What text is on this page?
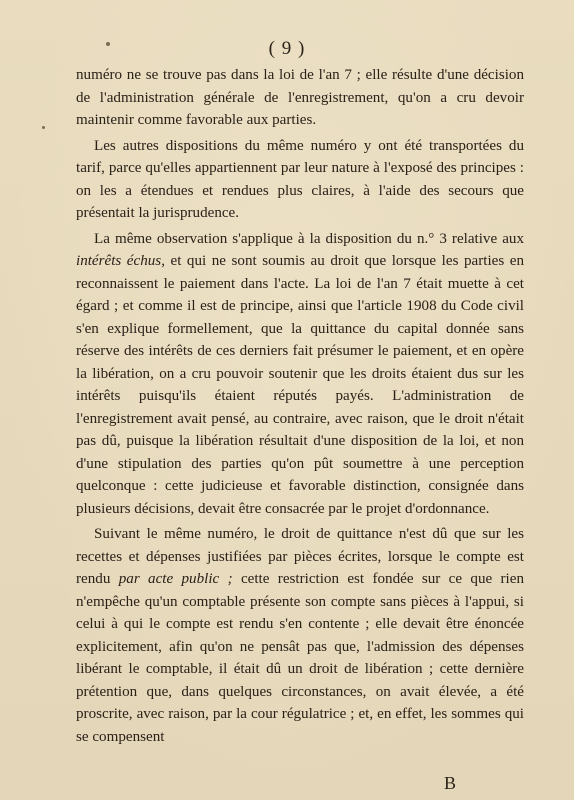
( 9 )

numéro ne se trouve pas dans la loi de l'an 7 ; elle résulte d'une décision de l'administration générale de l'enregistrement, qu'on a cru devoir maintenir comme favorable aux parties.

Les autres dispositions du même numéro y ont été transportées du tarif, parce qu'elles appartiennent par leur nature à l'exposé des principes : on les a étendues et rendues plus claires, à l'aide des secours que présentait la jurisprudence.

La même observation s'applique à la disposition du n.° 3 relative aux intérêts échus, et qui ne sont soumis au droit que lorsque les parties en reconnaissent le paiement dans l'acte. La loi de l'an 7 était muette à cet égard ; et comme il est de principe, ainsi que l'article 1908 du Code civil s'en explique formellement, que la quittance du capital donnée sans réserve des intérêts de ces derniers fait présumer le paiement, et en opère la libération, on a cru pouvoir soutenir que les droits étaient dus sur les intérêts puisqu'ils étaient réputés payés. L'administration de l'enregistrement avait pensé, au contraire, avec raison, que le droit n'était pas dû, puisque la libération résultait d'une disposition de la loi, et non d'une stipulation des parties qu'on pût soumettre à une perception quelconque : cette judicieuse et favorable distinction, consignée dans plusieurs décisions, devait être consacrée par le projet d'ordonnance.

Suivant le même numéro, le droit de quittance n'est dû que sur les recettes et dépenses justifiées par pièces écrites, lorsque le compte est rendu par acte public ; cette restriction est fondée sur ce que rien n'empêche qu'un comptable présente son compte sans pièces à l'appui, si celui à qui le compte est rendu s'en contente ; elle devait être énoncée explicitement, afin qu'on ne pensât pas que, l'admission des dépenses libérant le comptable, il était dû un droit de libération ; cette dernière prétention que, dans quelques circonstances, on avait élevée, a été proscrite, avec raison, par la cour régulatrice ; et, en effet, les sommes qui se compensent

B
